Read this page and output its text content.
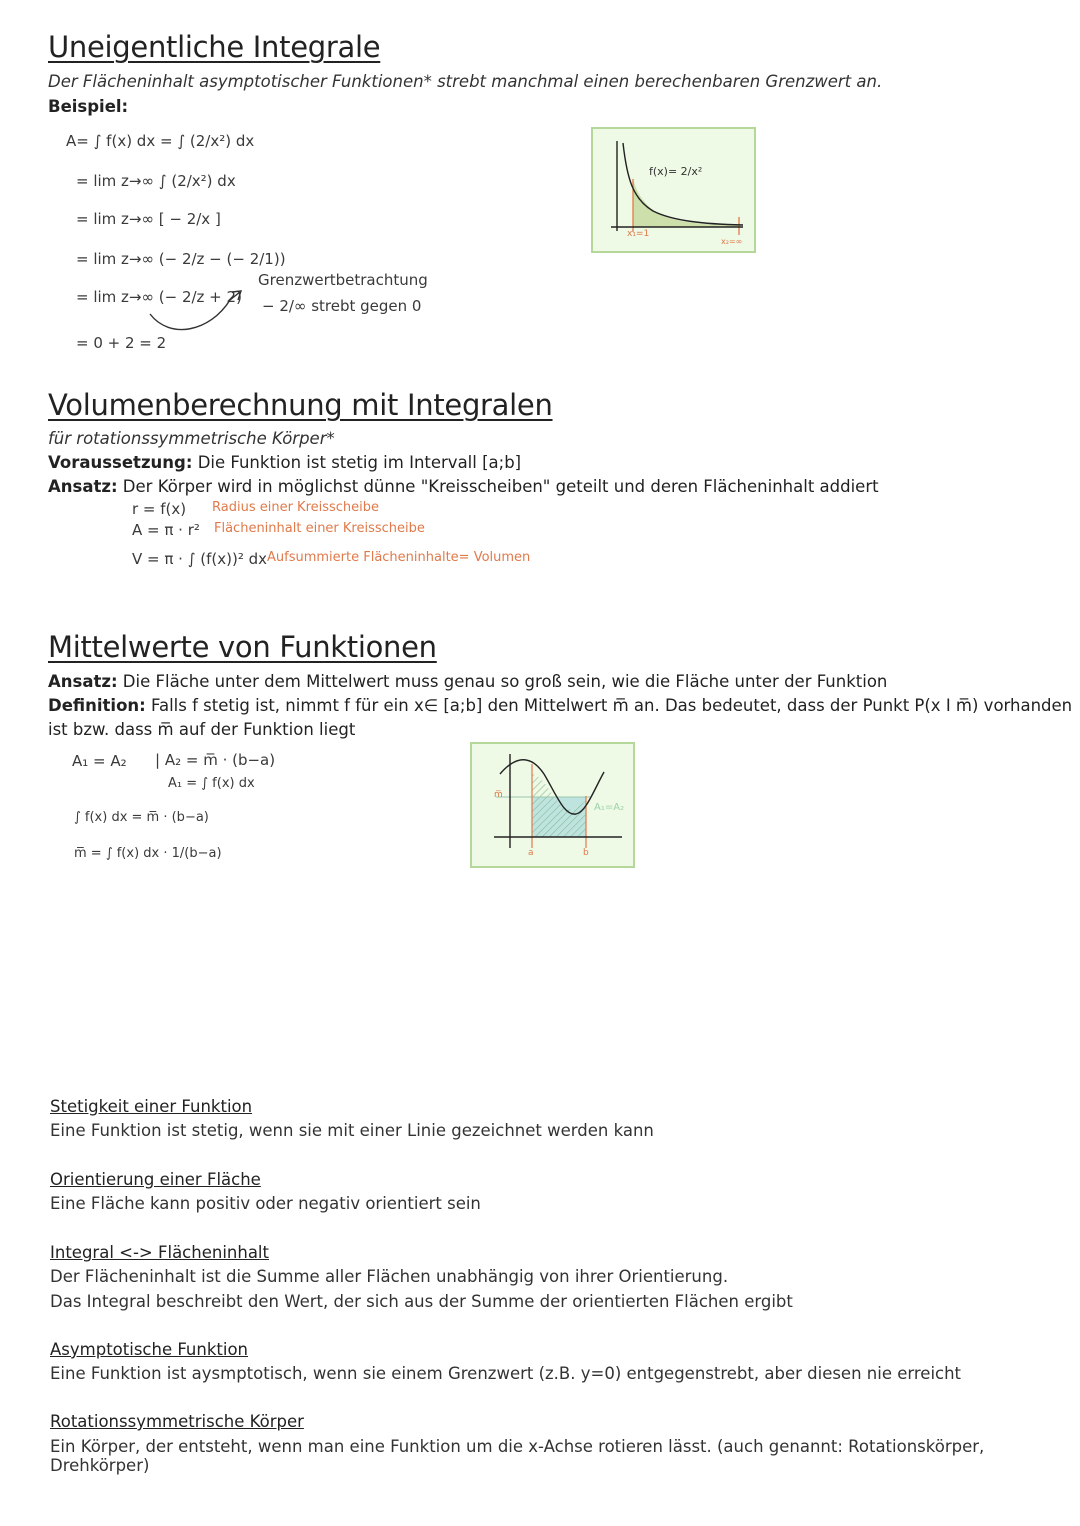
Uneigentliche Integrale
Der Flächeninhalt asymptotischer Funktionen* strebt manchmal einen berechenbaren Grenzwert an.
Beispiel:
A= ∫ f(x) dx = ∫ (2/x²) dx
= lim z→∞ ∫ (2/x²) dx
= lim z→∞ [ − 2/x ]
= lim z→∞ (− 2/z − (− 2/1))
= lim z→∞ (− 2/z + 2)
= 0 + 2 = 2
Grenzwertbetrachtung
− 2/∞ strebt gegen 0
f(x)= 2/x²
x₁=1
x₂=∞
Volumenberechnung mit Integralen
für rotationssymmetrische Körper*
Voraussetzung: Die Funktion ist stetig im Intervall [a;b]
Ansatz: Der Körper wird in möglichst dünne "Kreisscheiben" geteilt und deren Flächeninhalt addiert
r = f(x) Radius einer Kreisscheibe
A = π · r² Flächeninhalt einer Kreisscheibe
V = π · ∫ (f(x))² dx Aufsummierte Flächeninhalte= Volumen
Mittelwerte von Funktionen
Ansatz: Die Fläche unter dem Mittelwert muss genau so groß sein, wie die Fläche unter der Funktion
Definition: Falls f stetig ist, nimmt f für ein x∈ [a;b] den Mittelwert m̅ an. Das bedeutet, dass der Punkt P(x I m̅) vorhanden
ist bzw. dass m̅ auf der Funktion liegt
A₁ = A₂ | A₂ = m̅ · (b−a)
A₁ = ∫ f(x) dx
∫ f(x) dx = m̅ · (b−a)
m̅ = ∫ f(x) dx · 1/(b−a)
m̅
A₁=A₂
a	b
Stetigkeit einer Funktion
Eine Funktion ist stetig, wenn sie mit einer Linie gezeichnet werden kann
Orientierung einer Fläche
Eine Fläche kann positiv oder negativ orientiert sein
Integral <-> Flächeninhalt
Der Flächeninhalt ist die Summe aller Flächen unabhängig von ihrer Orientierung.
Das Integral beschreibt den Wert, der sich aus der Summe der orientierten Flächen ergibt
Asymptotische Funktion
Eine Funktion ist aysmptotisch, wenn sie einem Grenzwert (z.B. y=0) entgegenstrebt, aber diesen nie erreicht
Rotationssymmetrische Körper
Ein Körper, der entsteht, wenn man eine Funktion um die x-Achse rotieren lässt. (auch genannt: Rotationskörper, Drehkörper)
